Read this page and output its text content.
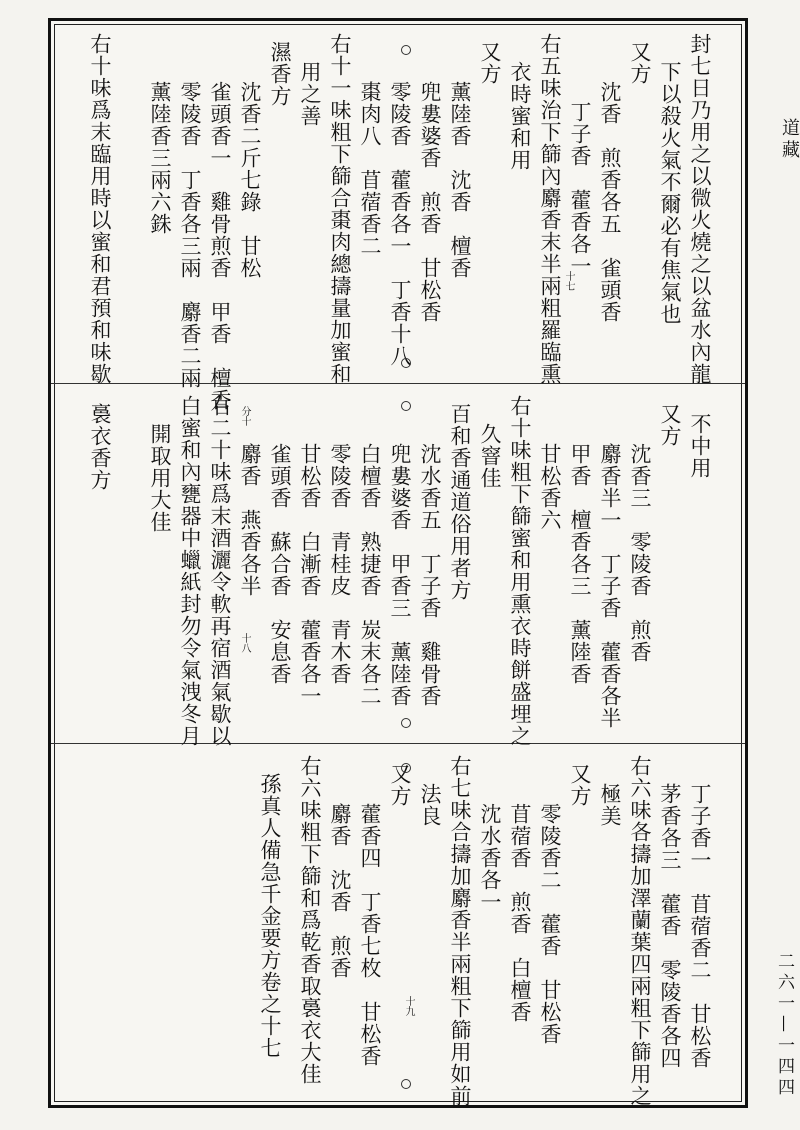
道藏
二六一—一四四
封七日乃用之以微火燒之以盆水內龍
下以殺火氣不爾必有焦氣也
又方
沈香　煎香各五　雀頭香
丁子香　藿香各一
右五味治下篩內麝香末半兩粗羅臨熏
衣時蜜和用
又方
薰陸香　沈香　檀香
兜婁婆香　煎香　甘松香
零陵香　藿香各一　丁香十八
棗肉八　苜蓿香二
右十一味粗下篩合棗肉總擣量加蜜和
用之善
濕香方
沈香二斤七錄　甘松
雀頭香一　雞骨煎香　甲香　檀香
零陵香　丁香各三兩　麝香二兩
薰陸香三兩六銖
右十味爲末臨用時以蜜和君預和味歇
不中用
又方
沈香三　零陵香　煎香
麝香半一　丁子香　藿香各半
甲香　檀香各三　薰陸香
甘松香六
右十味粗下篩蜜和用熏衣時餅盛埋之
久窨佳
百和香通道俗用者方
沈水香五　丁子香　雞骨香
兜婁婆香　甲香三　薰陸香
白檀香　熟捷香　炭末各二
零陵香　青桂皮　青木香
甘松香　白漸香　藿香各一
雀頭香　蘇合香　安息香
麝香　燕香各半
右二十味爲末酒灑令軟再宿酒氣歇以
白蜜和內甕器中蠟紙封勿令氣洩冬月
開取用大佳
裛衣香方
丁子香一　苜蓿香二　甘松香
茅香各三　藿香　零陵香各四
右六味各擣加澤蘭葉四兩粗下篩用之
極美
又方
零陵香二　藿香　甘松香
苜蓿香　煎香　白檀香
沈水香各一
右七味合擣加麝香半兩粗下篩用如前
法良
又方
藿香四　丁香七枚　甘松香
麝香　沈香　煎香
右六味粗下篩和爲乾香取裛衣大佳
孫真人備急千金要方卷之十七
十七
十八
分十
十九
